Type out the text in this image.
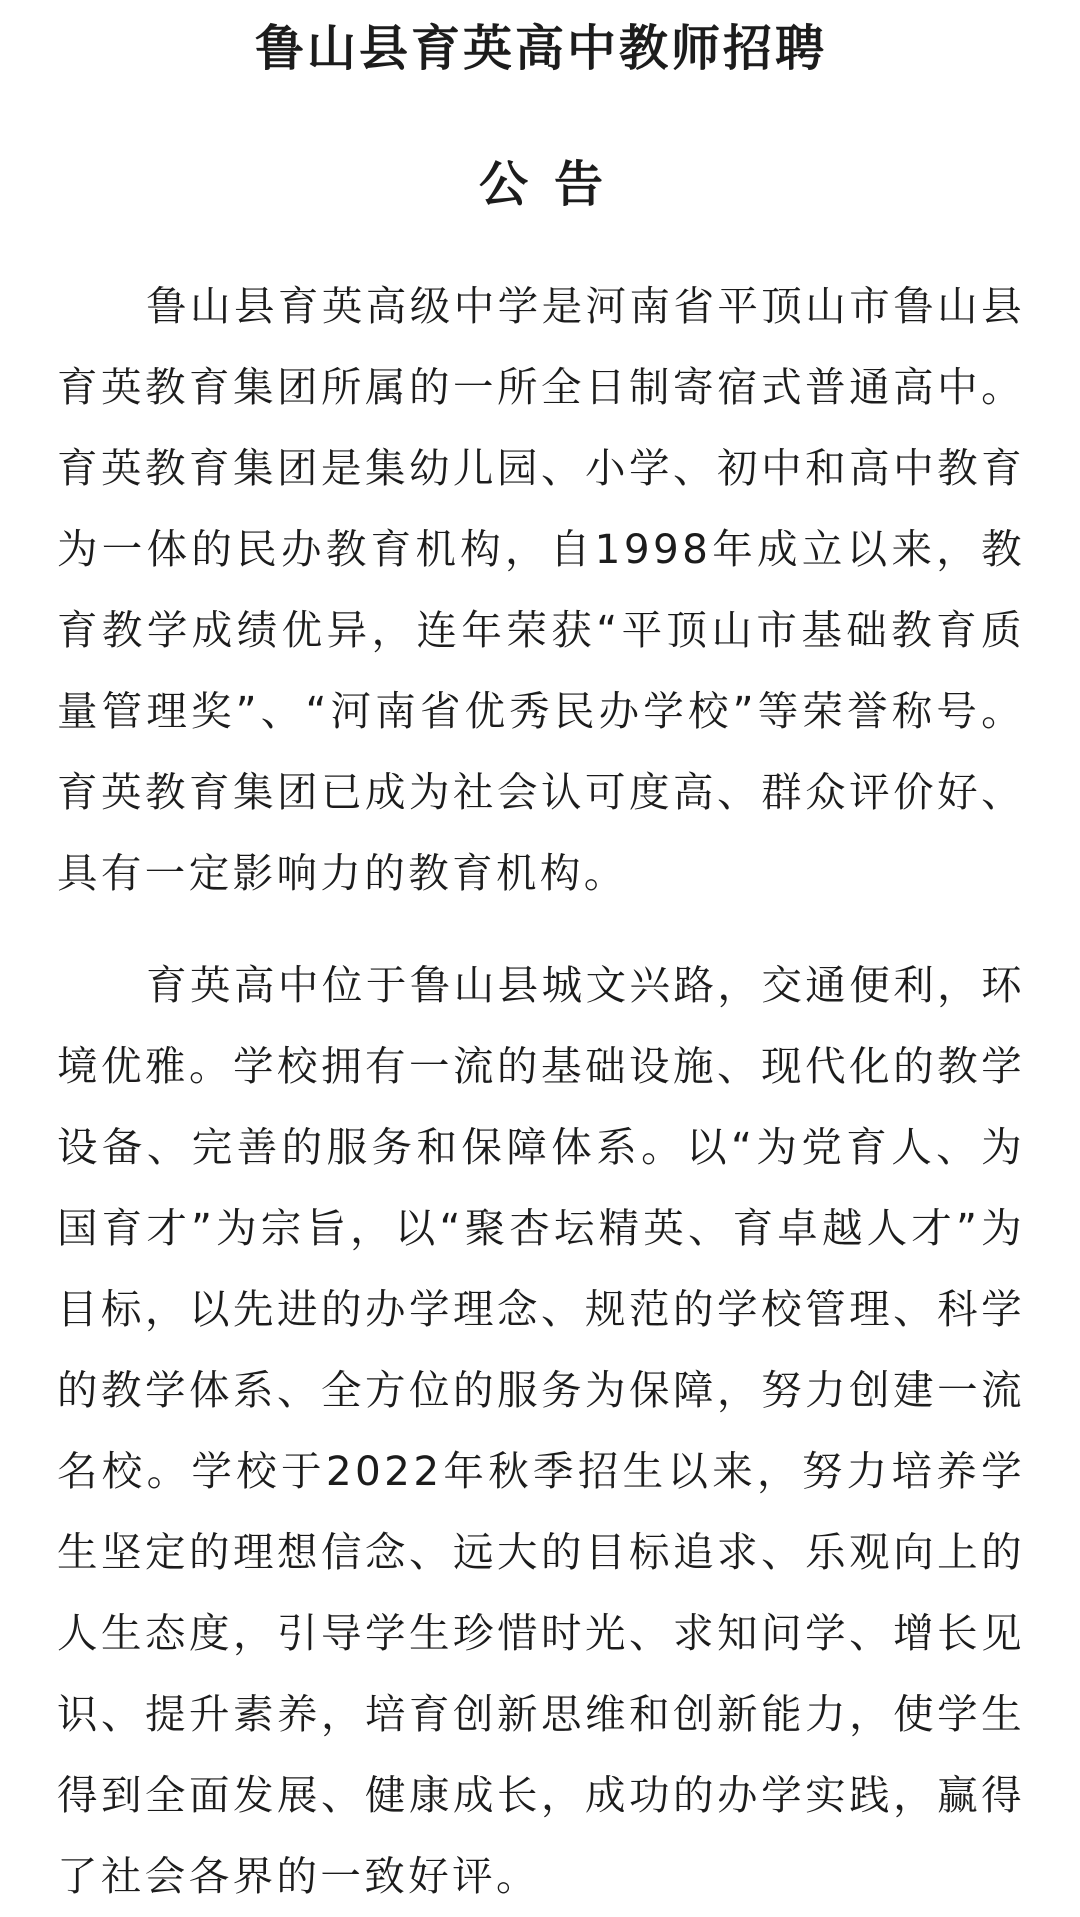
鲁山县育英高中教师招聘
公告

鲁山县育英高级中学是河南省平顶山市鲁山县育英教育集团所属的一所全日制寄宿式普通高中。育英教育集团是集幼儿园、小学、初中和高中教育为一体的民办教育机构，自1998年成立以来，教育教学成绩优异，连年荣获“平顶山市基础教育质量管理奖”、“河南省优秀民办学校”等荣誉称号。育英教育集团已成为社会认可度高、群众评价好、具有一定影响力的教育机构。

育英高中位于鲁山县城文兴路，交通便利，环境优雅。学校拥有一流的基础设施、现代化的教学设备、完善的服务和保障体系。以“为党育人、为国育才”为宗旨，以“聚杏坛精英、育卓越人才”为目标，以先进的办学理念、规范的学校管理、科学的教学体系、全方位的服务为保障，努力创建一流名校。学校于2022年秋季招生以来，努力培养学生坚定的理想信念、远大的目标追求、乐观向上的人生态度，引导学生珍惜时光、求知问学、增长见识、提升素养，培育创新思维和创新能力，使学生得到全面发展、健康成长，成功的办学实践，赢得了社会各界的一致好评。
